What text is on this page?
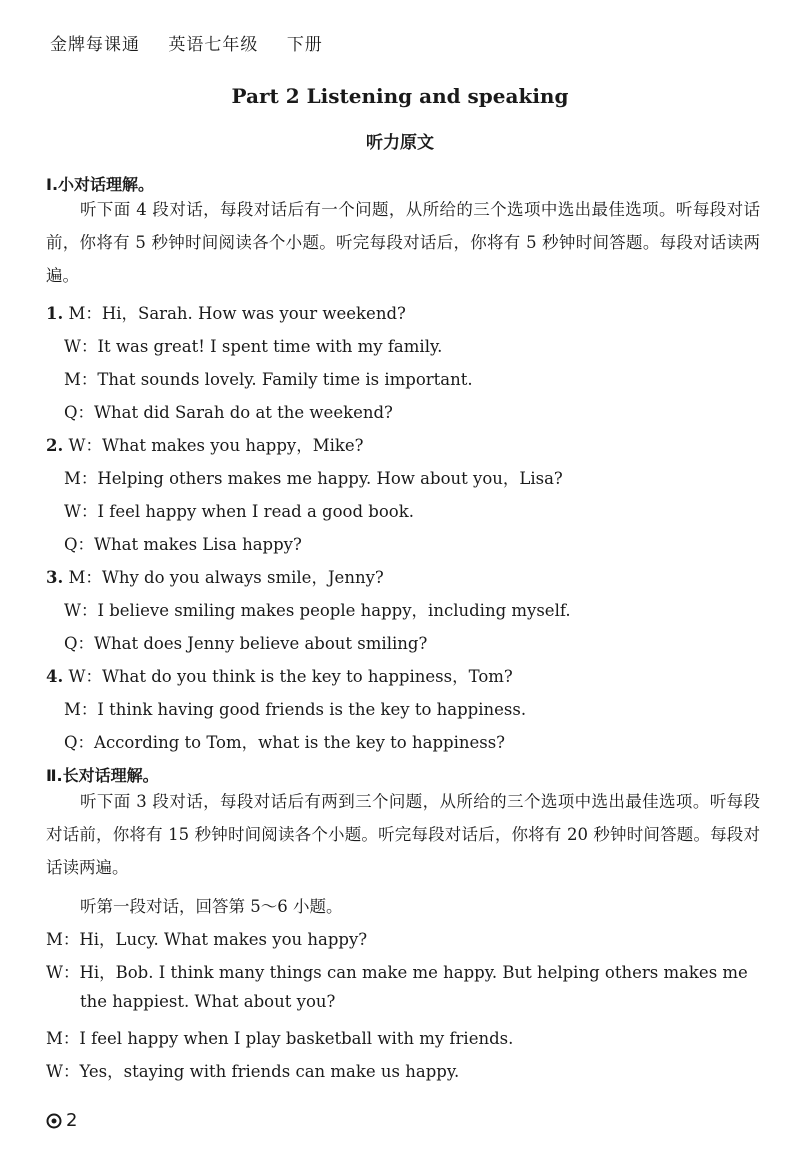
金牌每课通 英语七年级 下册
Part 2 Listening and speaking
听力原文
Ⅰ.小对话理解。
听下面 4 段对话，每段对话后有一个问题，从所给的三个选项中选出最佳选项。听每段对话前，你将有 5 秒钟时间阅读各个小题。听完每段对话后，你将有 5 秒钟时间答题。每段对话读两遍。
1. M：Hi，Sarah. How was your weekend?
W：It was great! I spent time with my family.
M：That sounds lovely. Family time is important.
Q：What did Sarah do at the weekend?
2. W：What makes you happy，Mike?
M：Helping others makes me happy. How about you，Lisa?
W：I feel happy when I read a good book.
Q：What makes Lisa happy?
3. M：Why do you always smile，Jenny?
W：I believe smiling makes people happy，including myself.
Q：What does Jenny believe about smiling?
4. W：What do you think is the key to happiness，Tom?
M：I think having good friends is the key to happiness.
Q：According to Tom，what is the key to happiness?
Ⅱ.长对话理解。
听下面 3 段对话，每段对话后有两到三个问题，从所给的三个选项中选出最佳选项。听每段对话前，你将有 15 秒钟时间阅读各个小题。听完每段对话后，你将有 20 秒钟时间答题。每段对话读两遍。
听第一段对话，回答第 5～6 小题。
M：Hi，Lucy. What makes you happy?
W：Hi，Bob. I think many things can make me happy. But helping others makes me
the happiest. What about you?
M：I feel happy when I play basketball with my friends.
W：Yes，staying with friends can make us happy.
2
